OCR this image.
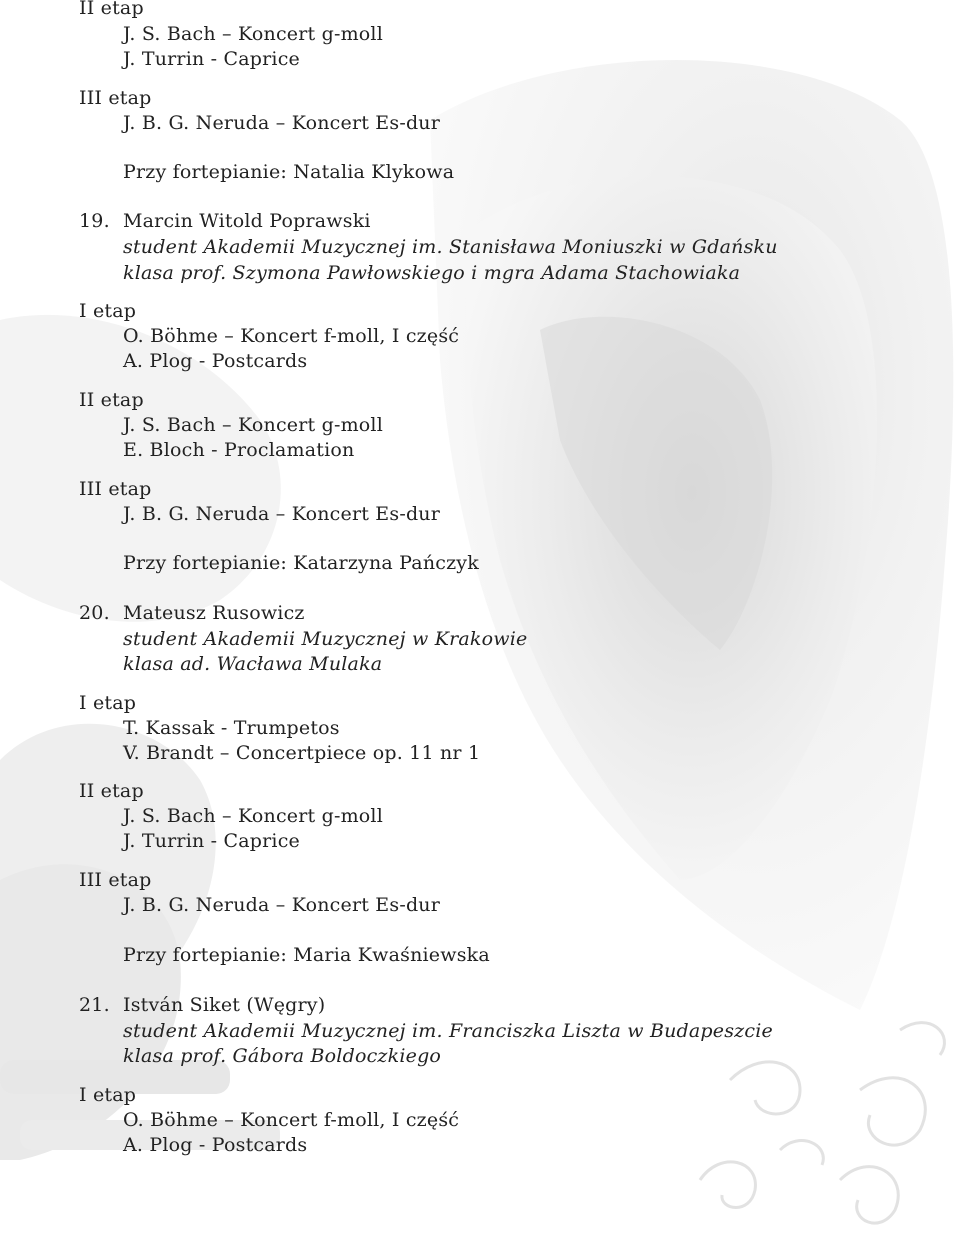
II etap
J. S. Bach – Koncert g-moll
J. Turrin - Caprice
III etap
J. B. G. Neruda – Koncert Es-dur
Przy fortepianie: Natalia Klykowa
19. Marcin Witold Poprawski
student Akademii Muzycznej im. Stanisława Moniuszki w Gdańsku
klasa prof. Szymona Pawłowskiego i mgra Adama Stachowiaka
I etap
O. Böhme – Koncert f-moll, I część
A. Plog - Postcards
II etap
J. S. Bach – Koncert g-moll
E. Bloch - Proclamation
III etap
J. B. G. Neruda – Koncert Es-dur
Przy fortepianie: Katarzyna Pańczyk
20. Mateusz Rusowicz
student Akademii Muzycznej w Krakowie
klasa ad. Wacława Mulaka
I etap
T. Kassak - Trumpetos
V. Brandt – Concertpiece op. 11 nr 1
II etap
J. S. Bach – Koncert g-moll
J. Turrin - Caprice
III etap
J. B. G. Neruda – Koncert Es-dur
Przy fortepianie: Maria Kwaśniewska
21. István Siket (Węgry)
student Akademii Muzycznej im. Franciszka Liszta w Budapeszcie
klasa prof. Gábora Boldoczkiego
I etap
O. Böhme – Koncert f-moll, I część
A. Plog - Postcards
